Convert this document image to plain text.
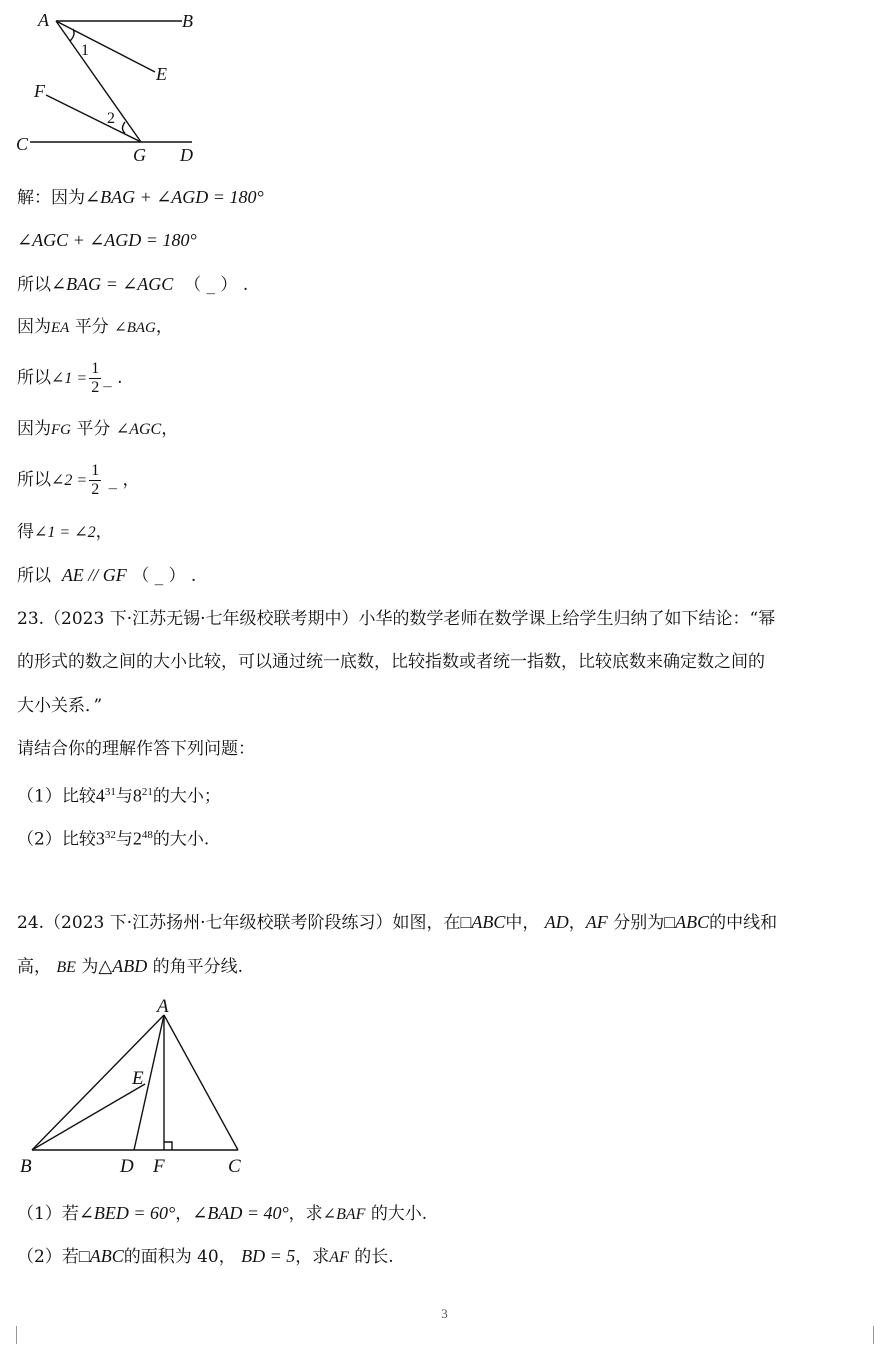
A	B
E
F
C
G D
1
2
解：因为∠BAG + ∠AGD = 180°
∠AGC + ∠AGD = 180°
所以∠BAG = ∠AGC （ _ ） .
因为EA 平分 ∠BAG，
所以∠1 = $\frac{1}{2}$ _ .
因为FG 平分 ∠AGC，
所以∠2 = $\frac{1}{2}$ _ ，
得∠1 = ∠2，
所以 AE // GF （ _ ） .
23.（2023 下·江苏无锡·七年级校联考期中）小华的数学老师在数学课上给学生归纳了如下结论：“幂
的形式的数之间的大小比较，可以通过统一底数，比较指数或者统一指数，比较底数来确定数之间的
大小关系．”
请结合你的理解作答下列问题：
（1）比较$4^{31}$与$8^{21}$的大小；
（2）比较$3^{32}$与$2^{48}$的大小.
24.（2023 下·江苏扬州·七年级校联考阶段练习）如图，在□ABC中， AD，AF 分别为□ABC的中线和
高， BE 为△ABD 的角平分线.
A
E
B	D F	C
（1）若∠BED = 60°，∠BAD = 40°，求∠BAF 的大小.
（2）若□ABC的面积为 40， BD = 5，求AF 的长.
3
